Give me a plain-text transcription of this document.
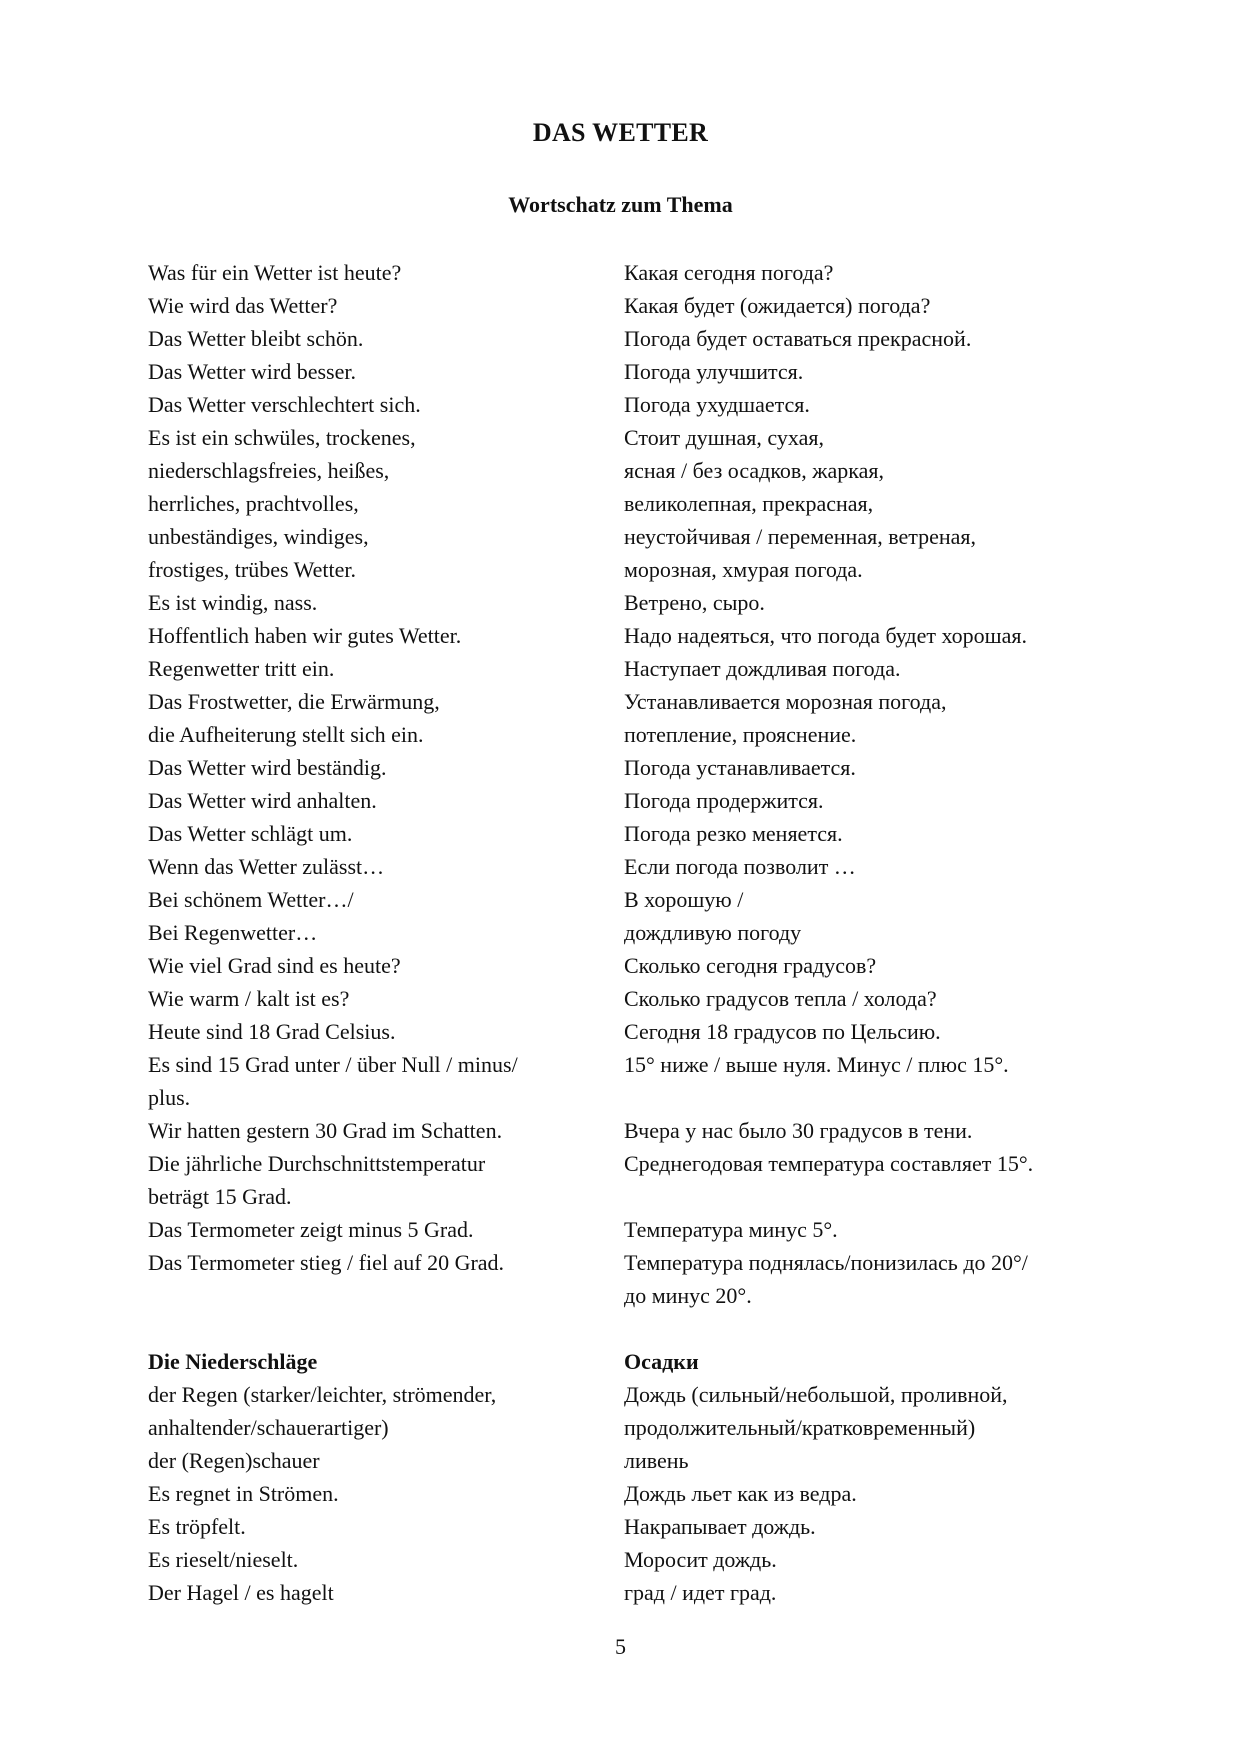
DAS WETTER
Wortschatz zum Thema
Was für ein Wetter ist heute?	Какая сегодня погода?
Wie wird das Wetter?	Какая будет (ожидается) погода?
Das Wetter bleibt schön.	Погода будет оставаться прекрасной.
Das Wetter wird besser.	Погода улучшится.
Das Wetter verschlechtert sich.	Погода ухудшается.
Es ist ein schwüles, trockenes,	Стоит душная, сухая,
niederschlagsfreies, heißes,	ясная / без осадков, жаркая,
herrliches, prachtvolles,	великолепная, прекрасная,
unbeständiges, windiges,	неустойчивая / переменная, ветреная,
frostiges, trübes Wetter.	морозная, хмурая погода.
Es ist windig, nass.	Ветрено, сыро.
Hoffentlich haben wir gutes Wetter.	Надо надеяться, что погода будет хорошая.
Regenwetter tritt ein.	Наступает дождливая погода.
Das Frostwetter, die Erwärmung,	Устанавливается морозная погода,
die Aufheiterung stellt sich ein.	потепление, прояснение.
Das Wetter wird beständig.	Погода устанавливается.
Das Wetter wird anhalten.	Погода продержится.
Das Wetter schlägt um.	Погода резко меняется.
Wenn das Wetter zulässt…	Если погода позволит …
Bei schönem Wetter…/	В хорошую /
Bei Regenwetter…	дождливую погоду
Wie viel Grad sind es heute?	Сколько сегодня градусов?
Wie warm / kalt ist es?	Сколько градусов тепла / холода?
Heute sind 18 Grad Celsius.	Сегодня 18 градусов по Цельсию.
Es sind 15 Grad unter / über Null / minus/	15° ниже / выше нуля. Минус / плюс 15°.
plus.
Wir hatten gestern 30 Grad im Schatten.	Вчера у нас было 30 градусов в тени.
Die jährliche Durchschnittstemperatur	Среднегодовая температура составляет 15°.
beträgt 15 Grad.
Das Termometer zeigt minus 5 Grad.	Температура минус 5°.
Das Termometer stieg / fiel auf 20 Grad.	Температура поднялась/понизилась до 20°/
до минус 20°.
Die Niederschläge	Осадки
der Regen (starker/leichter, strömender,	Дождь (сильный/небольшой, проливной,
anhaltender/schauerartiger)	продолжительный/кратковременный)
der (Regen)schauer	ливень
Es regnet in Strömen.	Дождь льет как из ведра.
Es tröpfelt.	Накрапывает дождь.
Es rieselt/nieselt.	Моросит дождь.
Der Hagel / es hagelt	град / идет град.
5
